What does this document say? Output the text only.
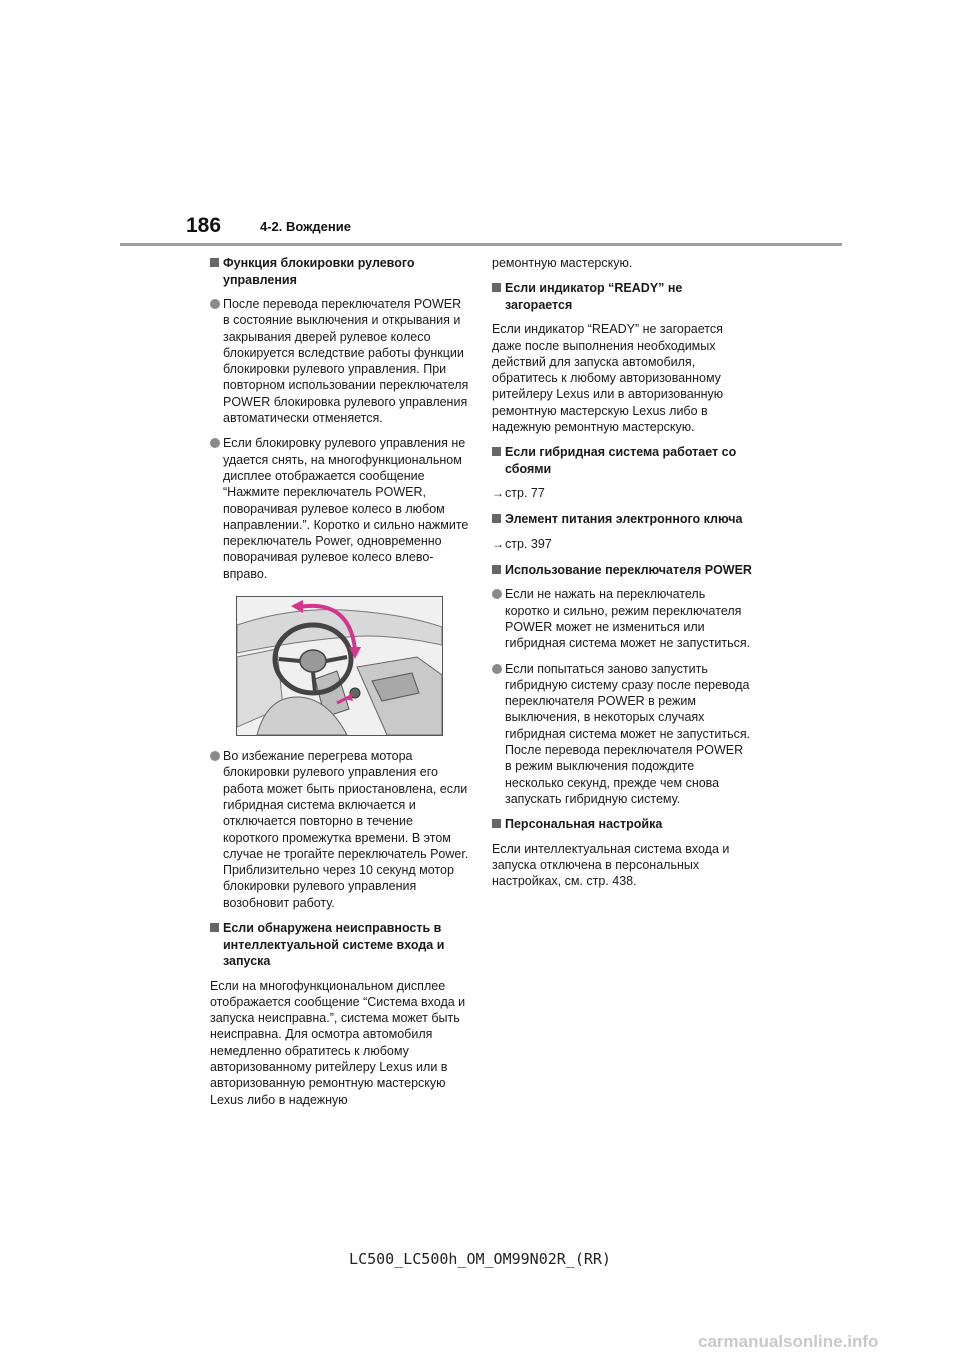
186	4-2. Вождение
Функция блокировки рулевого управления
После перевода переключателя POWER в состояние выключения и открывания и закрывания дверей рулевое колесо блокируется вследствие работы функции блокировки рулевого управления. При повторном использовании переключателя POWER блокировка рулевого управления автоматически отменяется.
Если блокировку рулевого управления не удается снять, на многофункциональном дисплее отображается сообщение “Нажмите переключатель POWER, поворачивая рулевое колесо в любом направлении.”. Коротко и сильно нажмите переключатель Power, одновременно поворачивая рулевое колесо влево-вправо.
Во избежание перегрева мотора блокировки рулевого управления его работа может быть приостановлена, если гибридная система включается и отключается повторно в течение короткого промежутка времени. В этом случае не трогайте переключатель Power. Приблизительно через 10 секунд мотор блокировки рулевого управления возобновит работу.
Если обнаружена неисправность в интеллектуальной системе входа и запуска
Если на многофункциональном дисплее отображается сообщение “Система входа и запуска неисправна.”, система может быть неисправна. Для осмотра автомобиля немедленно обратитесь к любому авторизованному ритейлеру Lexus или в авторизованную ремонтную мастерскую Lexus либо в надежную
ремонтную мастерскую.
Если индикатор “READY” не загорается
Если индикатор “READY” не загорается даже после выполнения необходимых действий для запуска автомобиля, обратитесь к любому авторизованному ритейлеру Lexus или в авторизованную ремонтную мастерскую Lexus либо в надежную ремонтную мастерскую.
Если гибридная система работает со сбоями
→стр. 77
Элемент питания электронного ключа
→стр. 397
Использование переключателя POWER
Если не нажать на переключатель коротко и сильно, режим переключателя POWER может не измениться или гибридная система может не запуститься.
Если попытаться заново запустить гибридную систему сразу после перевода переключателя POWER в режим выключения, в некоторых случаях гибридная система может не запуститься. После перевода переключателя POWER в режим выключения подождите несколько секунд, прежде чем снова запускать гибридную систему.
Персональная настройка
Если интеллектуальная система входа и запуска отключена в персональных настройках, см. стр. 438.
LC500_LC500h_OM_OM99N02R_(RR)
carmanualsonline.info
